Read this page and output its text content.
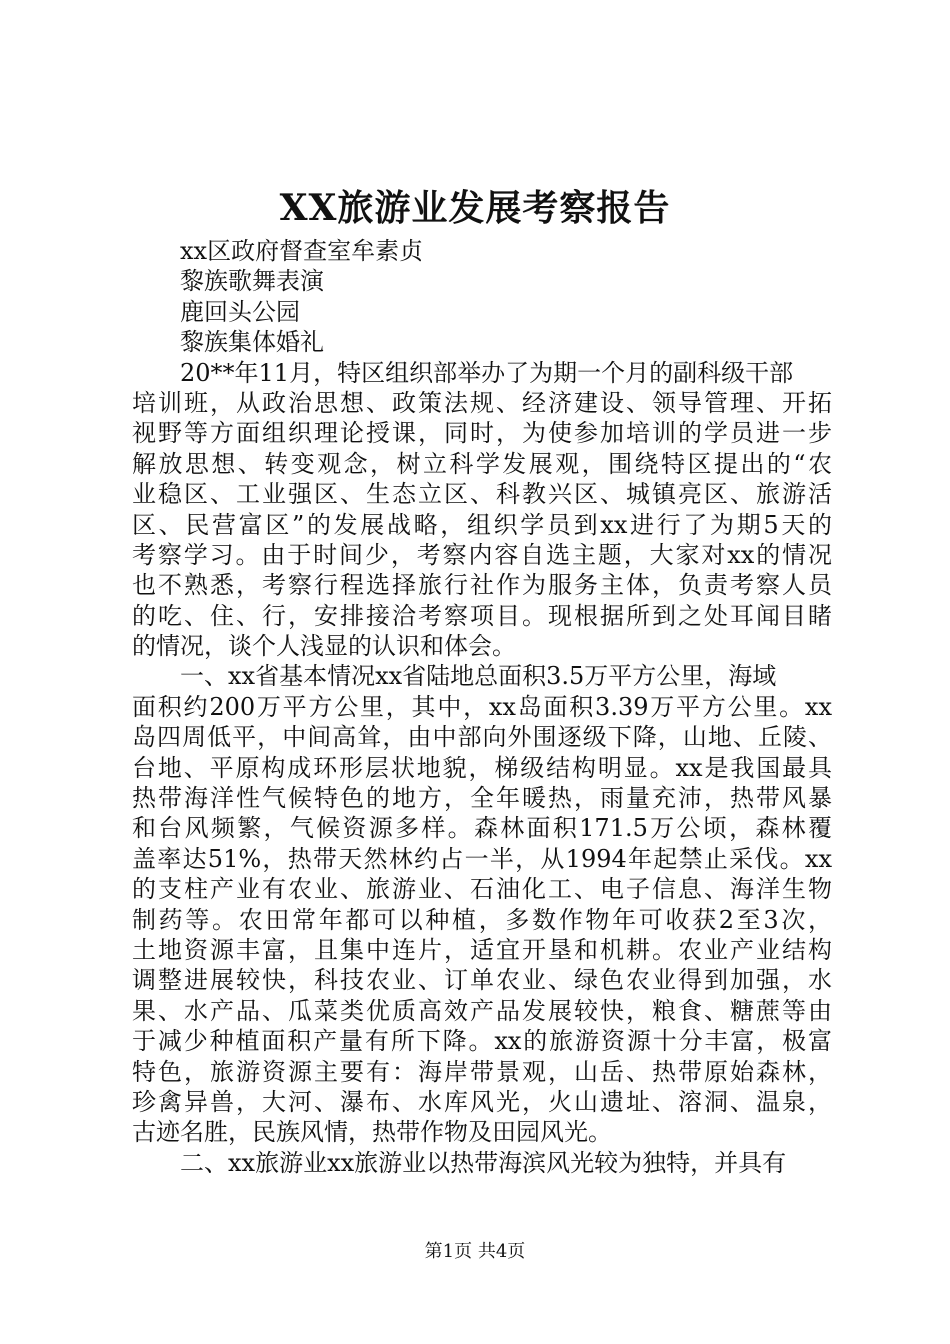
XX旅游业发展考察报告
xx区政府督查室牟素贞
黎族歌舞表演
鹿回头公园
黎族集体婚礼
20**年11月，特区组织部举办了为期一个月的副科级干部
培训班，从政治思想、政策法规、经济建设、领导管理、开拓
视野等方面组织理论授课，同时，为使参加培训的学员进一步
解放思想、转变观念，树立科学发展观，围绕特区提出的“农
业稳区、工业强区、生态立区、科教兴区、城镇亮区、旅游活
区、民营富区”的发展战略，组织学员到xx进行了为期5天的
考察学习。由于时间少，考察内容自选主题，大家对xx的情况
也不熟悉，考察行程选择旅行社作为服务主体，负责考察人员
的吃、住、行，安排接洽考察项目。现根据所到之处耳闻目睹
的情况，谈个人浅显的认识和体会。
一、xx省基本情况xx省陆地总面积3.5万平方公里，海域
面积约200万平方公里，其中，xx岛面积3.39万平方公里。xx
岛四周低平，中间高耸，由中部向外围逐级下降，山地、丘陵、
台地、平原构成环形层状地貌，梯级结构明显。xx是我国最具
热带海洋性气候特色的地方，全年暖热，雨量充沛，热带风暴
和台风频繁，气候资源多样。森林面积171.5万公顷，森林覆
盖率达51%，热带天然林约占一半，从1994年起禁止采伐。xx
的支柱产业有农业、旅游业、石油化工、电子信息、海洋生物
制药等。农田常年都可以种植，多数作物年可收获2至3次，
土地资源丰富，且集中连片，适宜开垦和机耕。农业产业结构
调整进展较快，科技农业、订单农业、绿色农业得到加强，水
果、水产品、瓜菜类优质高效产品发展较快，粮食、糖蔗等由
于减少种植面积产量有所下降。xx的旅游资源十分丰富，极富
特色，旅游资源主要有：海岸带景观，山岳、热带原始森林，
珍禽异兽，大河、瀑布、水库风光，火山遗址、溶洞、温泉，
古迹名胜，民族风情，热带作物及田园风光。
二、xx旅游业xx旅游业以热带海滨风光较为独特，并具有
第1页 共4页
